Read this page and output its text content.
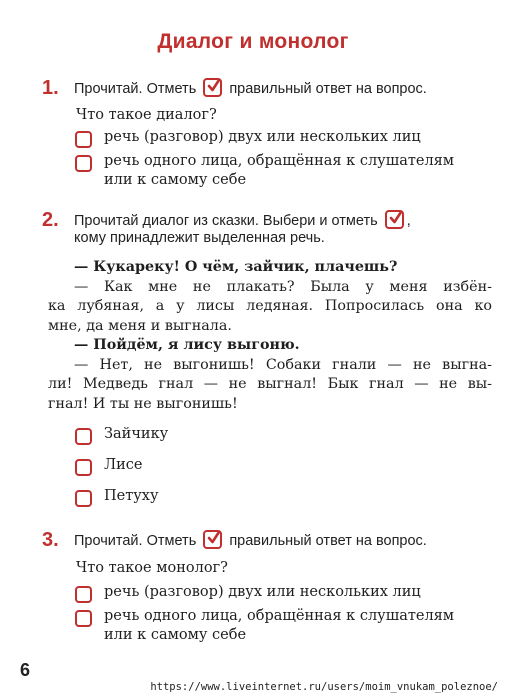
Диалог и монолог
1. Прочитай. Отметь правильный ответ на вопрос.
Что такое диалог?
речь (разговор) двух или нескольких лиц
речь одного лица, обращённая к слушателям
или к самому себе
2. Прочитай диалог из сказки. Выбери и отметь ,
кому принадлежит выделенная речь.
— Кукареку! О чём, зайчик, плачешь?
— Как мне не плакать? Была у меня избён-
ка лубяная, а у лисы ледяная. Попросилась она ко
мне, да меня и выгнала.
— Пойдём, я лису выгоню.
— Нет, не выгонишь! Собаки гнали — не выгна-
ли! Медведь гнал — не выгнал! Бык гнал — не вы-
гнал! И ты не выгонишь!
Зайчику
Лисе
Петуху
3. Прочитай. Отметь правильный ответ на вопрос.
Что такое монолог?
речь (разговор) двух или нескольких лиц
речь одного лица, обращённая к слушателям
или к самому себе
6
https://www.liveinternet.ru/users/moim_vnukam_poleznoe/
